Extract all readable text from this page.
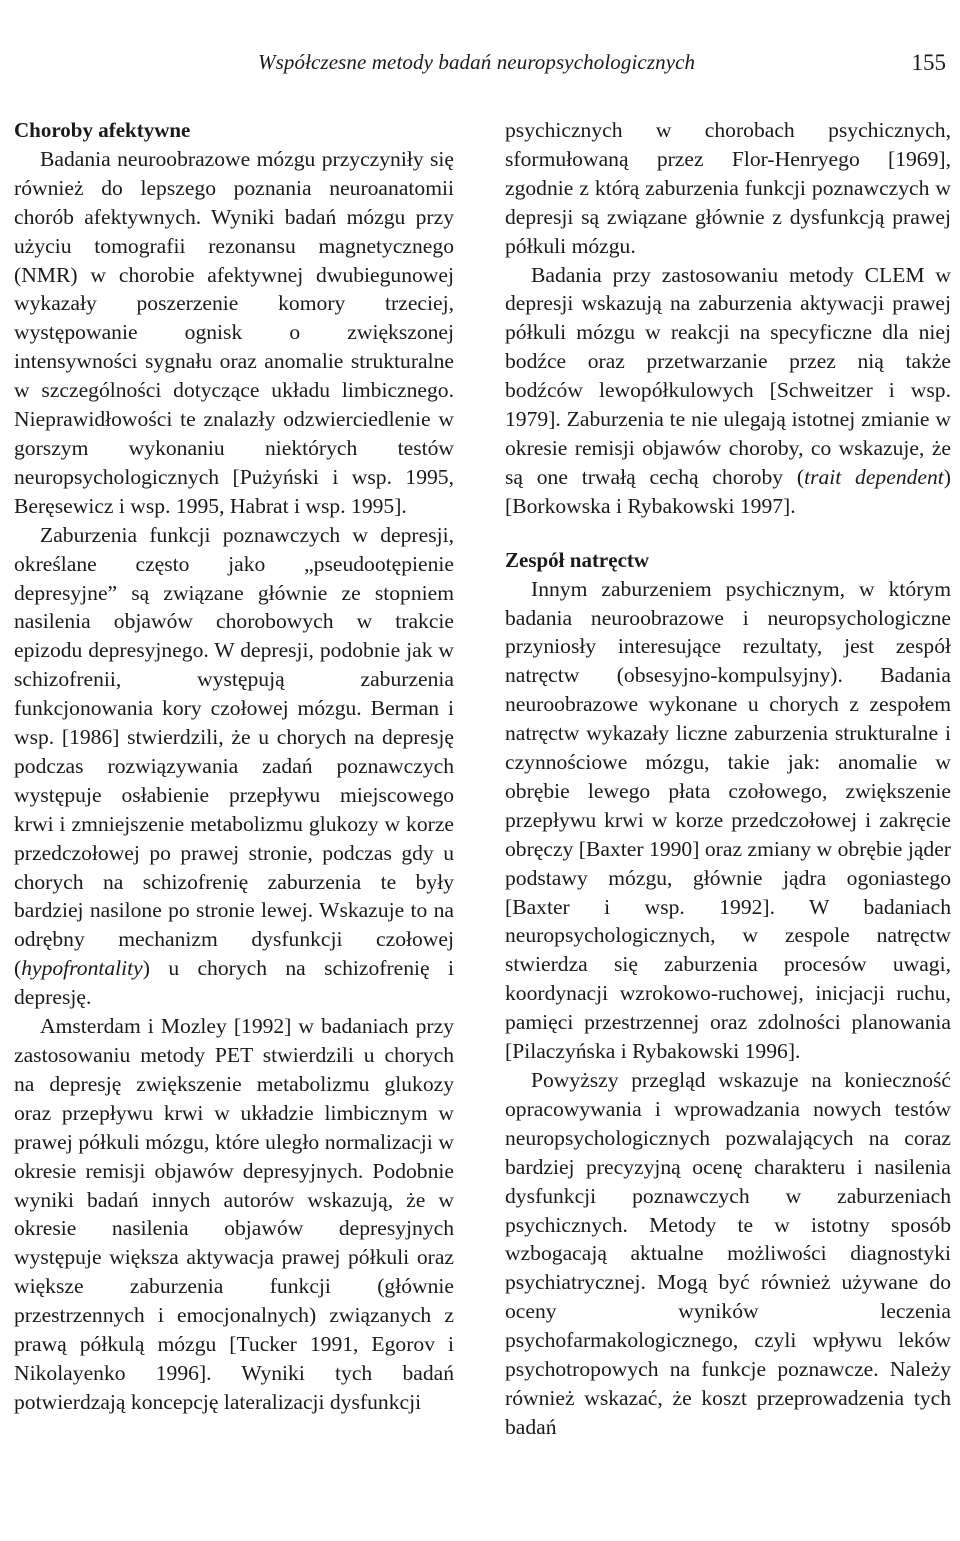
Współczesne metody badań neuropsychologicznych	155
Choroby afektywne

Badania neuroobrazowe mózgu przyczyniły się również do lepszego poznania neuroanatomii chorób afektywnych. Wyniki badań mózgu przy użyciu tomografii rezonansu magnetycznego (NMR) w chorobie afektywnej dwubiegunowej wykazały poszerzenie komory trzeciej, występowanie ognisk o zwiększonej intensywności sygnału oraz anomalie strukturalne w szczególności dotyczące układu limbicznego. Nieprawidłowości te znalazły odzwierciedlenie w gorszym wykonaniu niektórych testów neuropsychologicznych [Pużyński i wsp. 1995, Beręsewicz i wsp. 1995, Habrat i wsp. 1995].

Zaburzenia funkcji poznawczych w depresji, określane często jako „pseudootępienie depresyjne” są związane głównie ze stopniem nasilenia objawów chorobowych w trakcie epizodu depresyjnego. W depresji, podobnie jak w schizofrenii, występują zaburzenia funkcjonowania kory czołowej mózgu. Berman i wsp. [1986] stwierdzili, że u chorych na depresję podczas rozwiązywania zadań poznawczych występuje osłabienie przepływu miejscowego krwi i zmniejszenie metabolizmu glukozy w korze przedczołowej po prawej stronie, podczas gdy u chorych na schizofrenię zaburzenia te były bardziej nasilone po stronie lewej. Wskazuje to na odrębny mechanizm dysfunkcji czołowej (hypofrontality) u chorych na schizofrenię i depresję.

Amsterdam i Mozley [1992] w badaniach przy zastosowaniu metody PET stwierdzili u chorych na depresję zwiększenie metabolizmu glukozy oraz przepływu krwi w układzie limbicznym w prawej półkuli mózgu, które uległo normalizacji w okresie remisji objawów depresyjnych. Podobnie wyniki badań innych autorów wskazują, że w okresie nasilenia objawów depresyjnych występuje większa aktywacja prawej półkuli oraz większe zaburzenia funkcji (głównie przestrzennych i emocjonalnych) związanych z prawą półkulą mózgu [Tucker 1991, Egorov i Nikolayenko 1996]. Wyniki tych badań potwierdzają koncepcję lateralizacji dysfunkcji

psychicznych w chorobach psychicznych, sformułowaną przez Flor-Henryego [1969], zgodnie z którą zaburzenia funkcji poznawczych w depresji są związane głównie z dysfunkcją prawej półkuli mózgu.

Badania przy zastosowaniu metody CLEM w depresji wskazują na zaburzenia aktywacji prawej półkuli mózgu w reakcji na specyficzne dla niej bodźce oraz przetwarzanie przez nią także bodźców lewopółkulowych [Schweitzer i wsp. 1979]. Zaburzenia te nie ulegają istotnej zmianie w okresie remisji objawów choroby, co wskazuje, że są one trwałą cechą choroby (trait dependent) [Borkowska i Rybakowski 1997].

Zespół natręctw

Innym zaburzeniem psychicznym, w którym badania neuroobrazowe i neuropsychologiczne przyniosły interesujące rezultaty, jest zespół natręctw (obsesyjno-kompulsyjny). Badania neuroobrazowe wykonane u chorych z zespołem natręctw wykazały liczne zaburzenia strukturalne i czynnościowe mózgu, takie jak: anomalie w obrębie lewego płata czołowego, zwiększenie przepływu krwi w korze przedczołowej i zakręcie obręczy [Baxter 1990] oraz zmiany w obrębie jąder podstawy mózgu, głównie jądra ogoniastego [Baxter i wsp. 1992]. W badaniach neuropsychologicznych, w zespole natręctw stwierdza się zaburzenia procesów uwagi, koordynacji wzrokowo-ruchowej, inicjacji ruchu, pamięci przestrzennej oraz zdolności planowania [Pilaczyńska i Rybakowski 1996].

Powyższy przegląd wskazuje na konieczność opracowywania i wprowadzania nowych testów neuropsychologicznych pozwalających na coraz bardziej precyzyjną ocenę charakteru i nasilenia dysfunkcji poznawczych w zaburzeniach psychicznych. Metody te w istotny sposób wzbogacają aktualne możliwości diagnostyki psychiatrycznej. Mogą być również używane do oceny wyników leczenia psychofarmakologicznego, czyli wpływu leków psychotropowych na funkcje poznawcze. Należy również wskazać, że koszt przeprowadzenia tych badań
